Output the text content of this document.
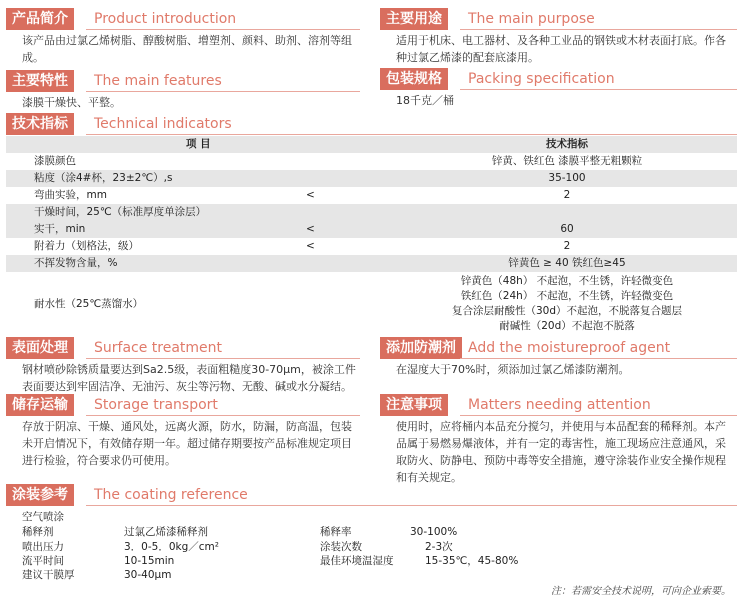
产品简介	Product introduction
该产品由过氯乙烯树脂、醇酸树脂、增塑剂、颜料、助剂、溶剂等组成。
主要用途	The main purpose
适用于机床、电工器材、及各种工业品的钢铁或木材表面打底。作各种过氯乙烯漆的配套底漆用。
主要特性	The main features
漆膜干燥快、平整。
包装规格	Packing specification
18千克／桶
技术指标	Technical indicators
项 目	技术指标
漆膜颜色	锌黄、铁红色 漆膜平整无粗颗粒
粘度（涂4#杯，23±2℃）,s	35-100
弯曲实验，mm	<	2
干燥时间，25℃（标准厚度单涂层）
实干，min	<	60
附着力（划格法，级）	<	2
不挥发物含量，%	锌黄色 ≥ 40 铁红色≥45
耐水性（25℃蒸馏水）
锌黄色（48h） 不起泡，不生锈，许轻微变色
铁红色（24h） 不起泡，不生锈，许轻微变色
复合涂层耐酸性（30d）不起泡，不脱落复合题层
耐碱性（20d）不起泡不脱落
表面处理	Surface treatment
钢材喷砂除锈质量要达到Sa2.5级，表面粗糙度30-70μm，被涂工件表面要达到牢固洁净、无油污、灰尘等污物、无酸、碱或水分凝结。
添加防潮剂 Add the moistureproof agent
在湿度大于70%时，须添加过氯乙烯漆防潮剂。
储存运输	Storage transport
存放于阴凉、干燥、通风处，远离火源，防水，防漏，防高温，包装未开启情况下，有效储存期一年。超过储存期要按产品标准规定项目进行检验，符合要求仍可使用。
注意事项	Matters needing attention
使用时，应将桶内本品充分搅匀，并使用与本品配套的稀释剂。本产品属于易燃易爆液体，并有一定的毒害性，施工现场应注意通风，采取防火、防静电、预防中毒等安全措施，遵守涂装作业安全操作规程和有关规定。
涂装参考	The coating reference
空气喷涂
稀释剂	过氯乙烯漆稀释剂	稀释率	30-100%
喷出压力	3．0-5．0kg／cm²	涂装次数	2-3次
流平时间	10-15min	最佳环境温湿度	15-35℃，45-80%
建议干膜厚	30-40μm
注：若需安全技术说明，可向企业索要。
